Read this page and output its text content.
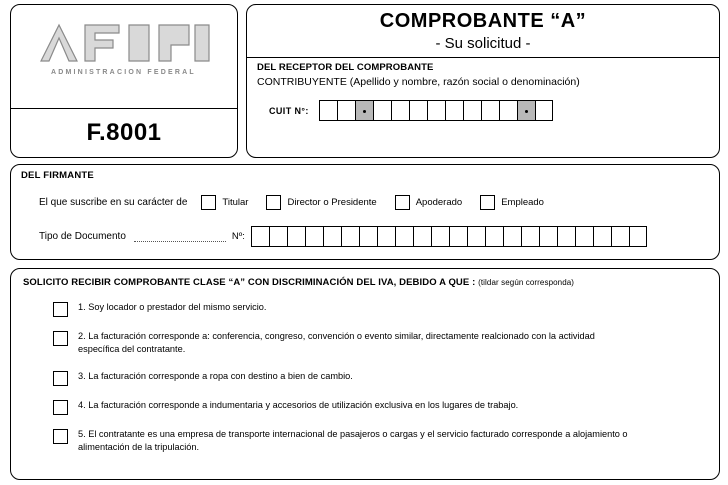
ADMINISTRACION FEDERAL
F.8001
COMPROBANTE “A”
- Su solicitud -
DEL RECEPTOR DEL COMPROBANTE
CONTRIBUYENTE (Apellido y nombre, razón social o denominación)
CUIT N°:
DEL FIRMANTE
El que suscribe en su carácter de	Titular	Director o Presidente	Apoderado	Empleado
Tipo de Documento	Nº:
SOLICITO RECIBIR COMPROBANTE CLASE “A” CON DISCRIMINACIÓN DEL IVA, DEBIDO A QUE : (tildar según corresponda)
1. Soy locador o prestador del mismo servicio.
2. La facturación corresponde a: conferencia, congreso, convención o evento similar, directamente realcionado con la actividad específica del contratante.
3. La facturación corresponde a ropa con destino a bien de cambio.
4. La facturación corresponde a indumentaria y accesorios de utilización exclusiva en los lugares de trabajo.
5. El contratante es una empresa de transporte internacional de pasajeros o cargas y el servicio facturado corresponde a alojamiento o alimentación de la tripulación.
